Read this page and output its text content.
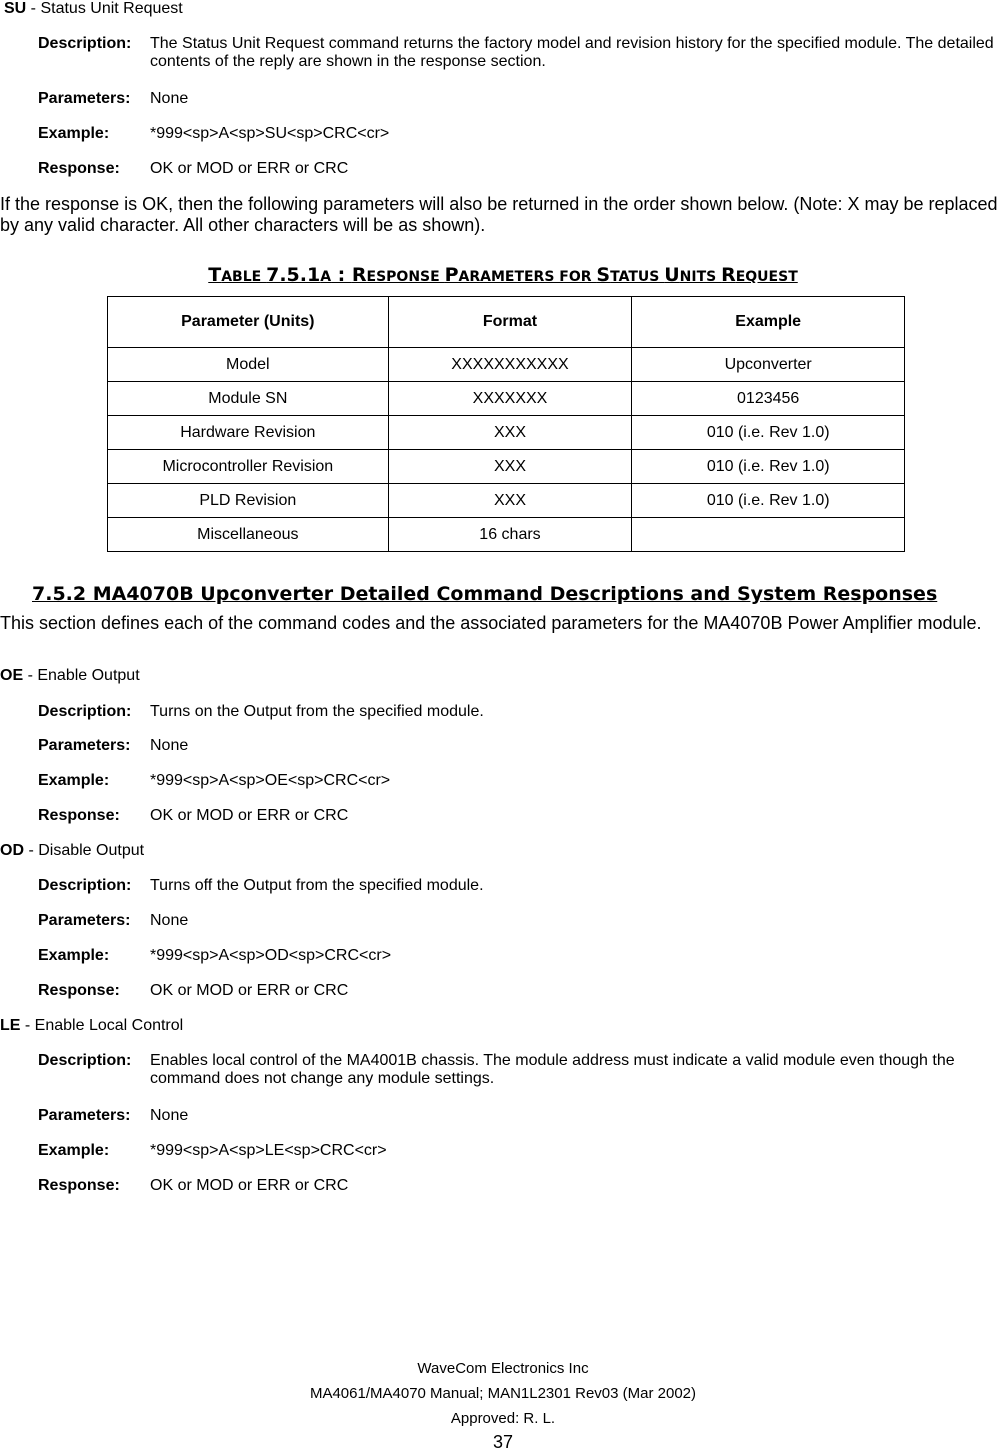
SU - Status Unit Request
Description: The Status Unit Request command returns the factory model and revision history for the specified module. The detailed contents of the reply are shown in the response section.
Parameters: None
Example:	*999<sp>A<sp>SU<sp>CRC<cr>
Response: OK or MOD or ERR or CRC
If the response is OK, then the following parameters will also be returned in the order shown below. (Note: X may be replaced by any valid character. All other characters will be as shown).
TABLE 7.5.1A : RESPONSE PARAMETERS FOR STATUS UNITS REQUEST
Parameter (Units)	Format	Example
Model	XXXXXXXXXXX	Upconverter
Module SN	XXXXXXX	0123456
Hardware Revision	XXX	010 (i.e. Rev 1.0)
Microcontroller Revision	XXX	010 (i.e. Rev 1.0)
PLD Revision	XXX	010 (i.e. Rev 1.0)
Miscellaneous	16 chars	
7.5.2 MA4070B Upconverter Detailed Command Descriptions and System Responses
This section defines each of the command codes and the associated parameters for the MA4070B Power Amplifier module.
OE - Enable Output
Description: Turns on the Output from the specified module.
Parameters: None
Example:	*999<sp>A<sp>OE<sp>CRC<cr>
Response: OK or MOD or ERR or CRC
OD - Disable Output
Description: Turns off the Output from the specified module.
Parameters: None
Example:	*999<sp>A<sp>OD<sp>CRC<cr>
Response: OK or MOD or ERR or CRC
LE - Enable Local Control
Description: Enables local control of the MA4001B chassis. The module address must indicate a valid module even though the command does not change any module settings.
Parameters: None
Example:	*999<sp>A<sp>LE<sp>CRC<cr>
Response: OK or MOD or ERR or CRC
WaveCom Electronics Inc
MA4061/MA4070 Manual; MAN1L2301 Rev03 (Mar 2002)
Approved: R. L.
37
